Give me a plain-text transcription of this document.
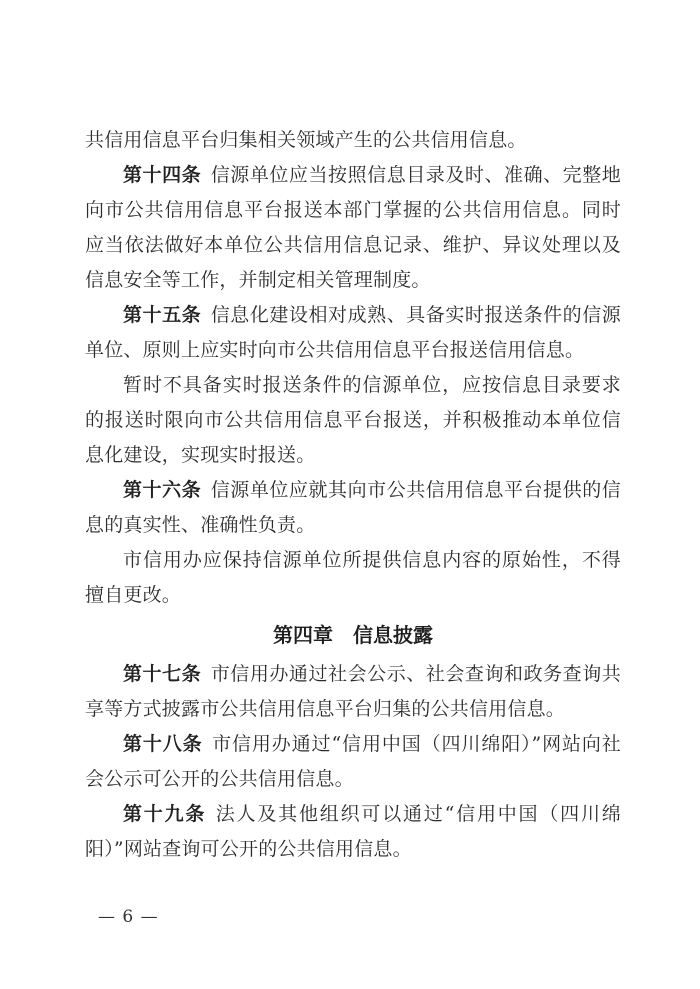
共信用信息平台归集相关领域产生的公共信用信息。

第十四条 信源单位应当按照信息目录及时、准确、完整地向市公共信用信息平台报送本部门掌握的公共信用信息。同时应当依法做好本单位公共信用信息记录、维护、异议处理以及信息安全等工作，并制定相关管理制度。

第十五条 信息化建设相对成熟、具备实时报送条件的信源单位、原则上应实时向市公共信用信息平台报送信用信息。

暂时不具备实时报送条件的信源单位，应按信息目录要求的报送时限向市公共信用信息平台报送，并积极推动本单位信息化建设，实现实时报送。

第十六条 信源单位应就其向市公共信用信息平台提供的信息的真实性、准确性负责。

市信用办应保持信源单位所提供信息内容的原始性，不得擅自更改。

第四章 信息披露

第十七条 市信用办通过社会公示、社会查询和政务查询共享等方式披露市公共信用信息平台归集的公共信用信息。

第十八条 市信用办通过“信用中国（四川绵阳）”网站向社会公示可公开的公共信用信息。

第十九条 法人及其他组织可以通过“信用中国（四川绵阳）”网站查询可公开的公共信用信息。

— 6 —
